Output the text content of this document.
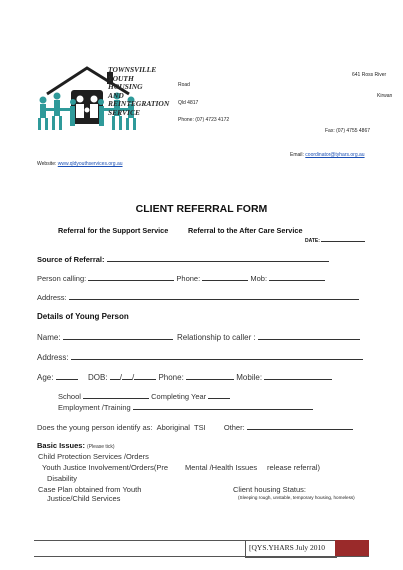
TOWNSVILLE
YOUTH
HOUSING
AND
REINTEGRATION
SERVICE
Road
Qld 4817
Phone: (07) 4723 4172
641 Ross River
Kirwan
Fax: (07) 4755 4867
Email: coordinator@tyhars.org.au
Website: www.qldyouthservices.org.au
CLIENT REFERRAL FORM
Referral for the Support Service	Referral to the After Care Service
DATE:
Source of Referral:
Person calling:	Phone:	Mob:
Address:
Details of Young Person
Name:	Relationship to caller :
Address:
Age:	DOB: / /	Phone:	Mobile:
School	Completing Year
Employment /Training
Does the young person identify as: Aboriginal TSI Other:
Basic Issues: (Please tick)
Child Protection Services /Orders
Youth Justice Involvement/Orders(Pre Mental /Health Issues release referral)
Disability
Case Plan obtained from Youth
Justice/Child Services
Client housing Status:
(Sleeping rough, unstable, temporary housing, homeless)
[QYS.YHARS July 2010
